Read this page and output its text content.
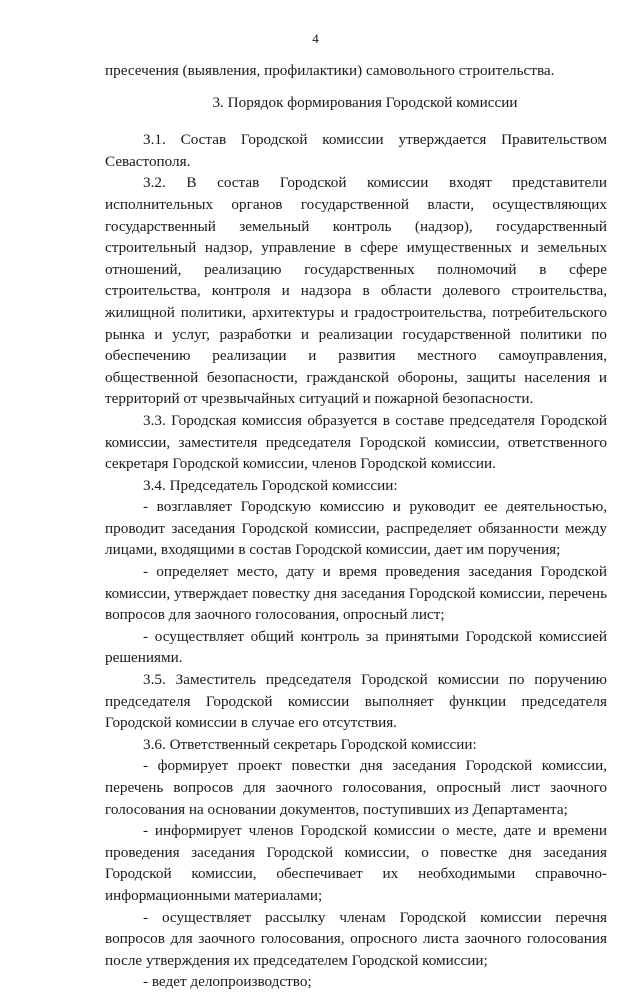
4

пресечения (выявления, профилактики) самовольного строительства.

3. Порядок формирования Городской комиссии

3.1. Состав Городской комиссии утверждается Правительством Севастополя.

3.2. В состав Городской комиссии входят представители исполнительных органов государственной власти, осуществляющих государственный земельный контроль (надзор), государственный строительный надзор, управление в сфере имущественных и земельных отношений, реализацию государственных полномочий в сфере строительства, контроля и надзора в области долевого строительства, жилищной политики, архитектуры и градостроительства, потребительского рынка и услуг, разработки и реализации государственной политики по обеспечению реализации и развития местного самоуправления, общественной безопасности, гражданской обороны, защиты населения и территорий от чрезвычайных ситуаций и пожарной безопасности.

3.3. Городская комиссия образуется в составе председателя Городской комиссии, заместителя председателя Городской комиссии, ответственного секретаря Городской комиссии, членов Городской комиссии.

3.4. Председатель Городской комиссии:

- возглавляет Городскую комиссию и руководит ее деятельностью, проводит заседания Городской комиссии, распределяет обязанности между лицами, входящими в состав Городской комиссии, дает им поручения;

- определяет место, дату и время проведения заседания Городской комиссии, утверждает повестку дня заседания Городской комиссии, перечень вопросов для заочного голосования, опросный лист;

- осуществляет общий контроль за принятыми Городской комиссией решениями.

3.5. Заместитель председателя Городской комиссии по поручению председателя Городской комиссии выполняет функции председателя Городской комиссии в случае его отсутствия.

3.6. Ответственный секретарь Городской комиссии:

- формирует проект повестки дня заседания Городской комиссии, перечень вопросов для заочного голосования, опросный лист заочного голосования на основании документов, поступивших из Департамента;

- информирует членов Городской комиссии о месте, дате и времени проведения заседания Городской комиссии, о повестке дня заседания Городской комиссии, обеспечивает их необходимыми справочно-информационными материалами;

- осуществляет рассылку членам Городской комиссии перечня вопросов для заочного голосования, опросного листа заочного голосования после утверждения их председателем Городской комиссии;

- ведет делопроизводство;
